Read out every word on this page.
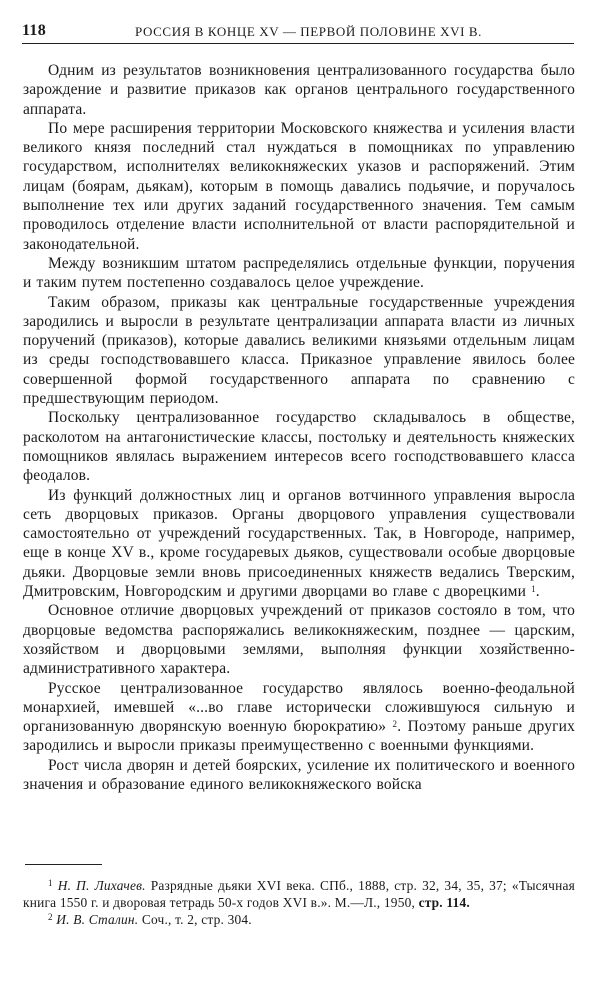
118	РОССИЯ В КОНЦЕ XV — ПЕРВОЙ ПОЛОВИНЕ XVI В.

Одним из результатов возникновения централизованного государства было зарождение и развитие приказов как органов центрального государственного аппарата.

По мере расширения территории Московского княжества и усиления власти великого князя последний стал нуждаться в помощниках по управлению государством, исполнителях великокняжеских указов и распоряжений. Этим лицам (боярам, дьякам), которым в помощь давались подьячие, и поручалось выполнение тех или других заданий государственного значения. Тем самым проводилось отделение власти исполнительной от власти распорядительной и законодательной.

Между возникшим штатом распределялись отдельные функции, поручения и таким путем постепенно создавалось целое учреждение.

Таким образом, приказы как центральные государственные учреждения зародились и выросли в результате централизации аппарата власти из личных поручений (приказов), которые давались великими князьями отдельным лицам из среды господствовавшего класса. Приказное управление явилось более совершенной формой государственного аппарата по сравнению с предшествующим периодом.

Поскольку централизованное государство складывалось в обществе, расколотом на антагонистические классы, постольку и деятельность княжеских помощников являлась выражением интересов всего господствовавшего класса феодалов.

Из функций должностных лиц и органов вотчинного управления выросла сеть дворцовых приказов. Органы дворцового управления существовали самостоятельно от учреждений государственных. Так, в Новгороде, например, еще в конце XV в., кроме государевых дьяков, существовали особые дворцовые дьяки. Дворцовые земли вновь присоединенных княжеств ведались Тверским, Дмитровским, Новгородским и другими дворцами во главе с дворецкими $^1$.

Основное отличие дворцовых учреждений от приказов состояло в том, что дворцовые ведомства распоряжались великокняжеским, позднее — царским, хозяйством и дворцовыми землями, выполняя функции хозяйственно-административного характера.

Русское централизованное государство являлось военно-феодальной монархией, имевшей «...во главе исторически сложившуюся сильную и организованную дворянскую военную бюрократию» $^2$. Поэтому раньше других зародились и выросли приказы преимущественно с военными функциями.

Рост числа дворян и детей боярских, усиление их политического и военного значения и образование единого великокняжеского войска

$^1$ Н. П. Лихачев. Разрядные дьяки XVI века. СПб., 1888, стр. 32, 34, 35, 37; «Тысячная книга 1550 г. и дворовая тетрадь 50-х годов XVI в.». М.—Л., 1950, стр. 114.

$^2$ И. В. Сталин. Соч., т. 2, стр. 304.
